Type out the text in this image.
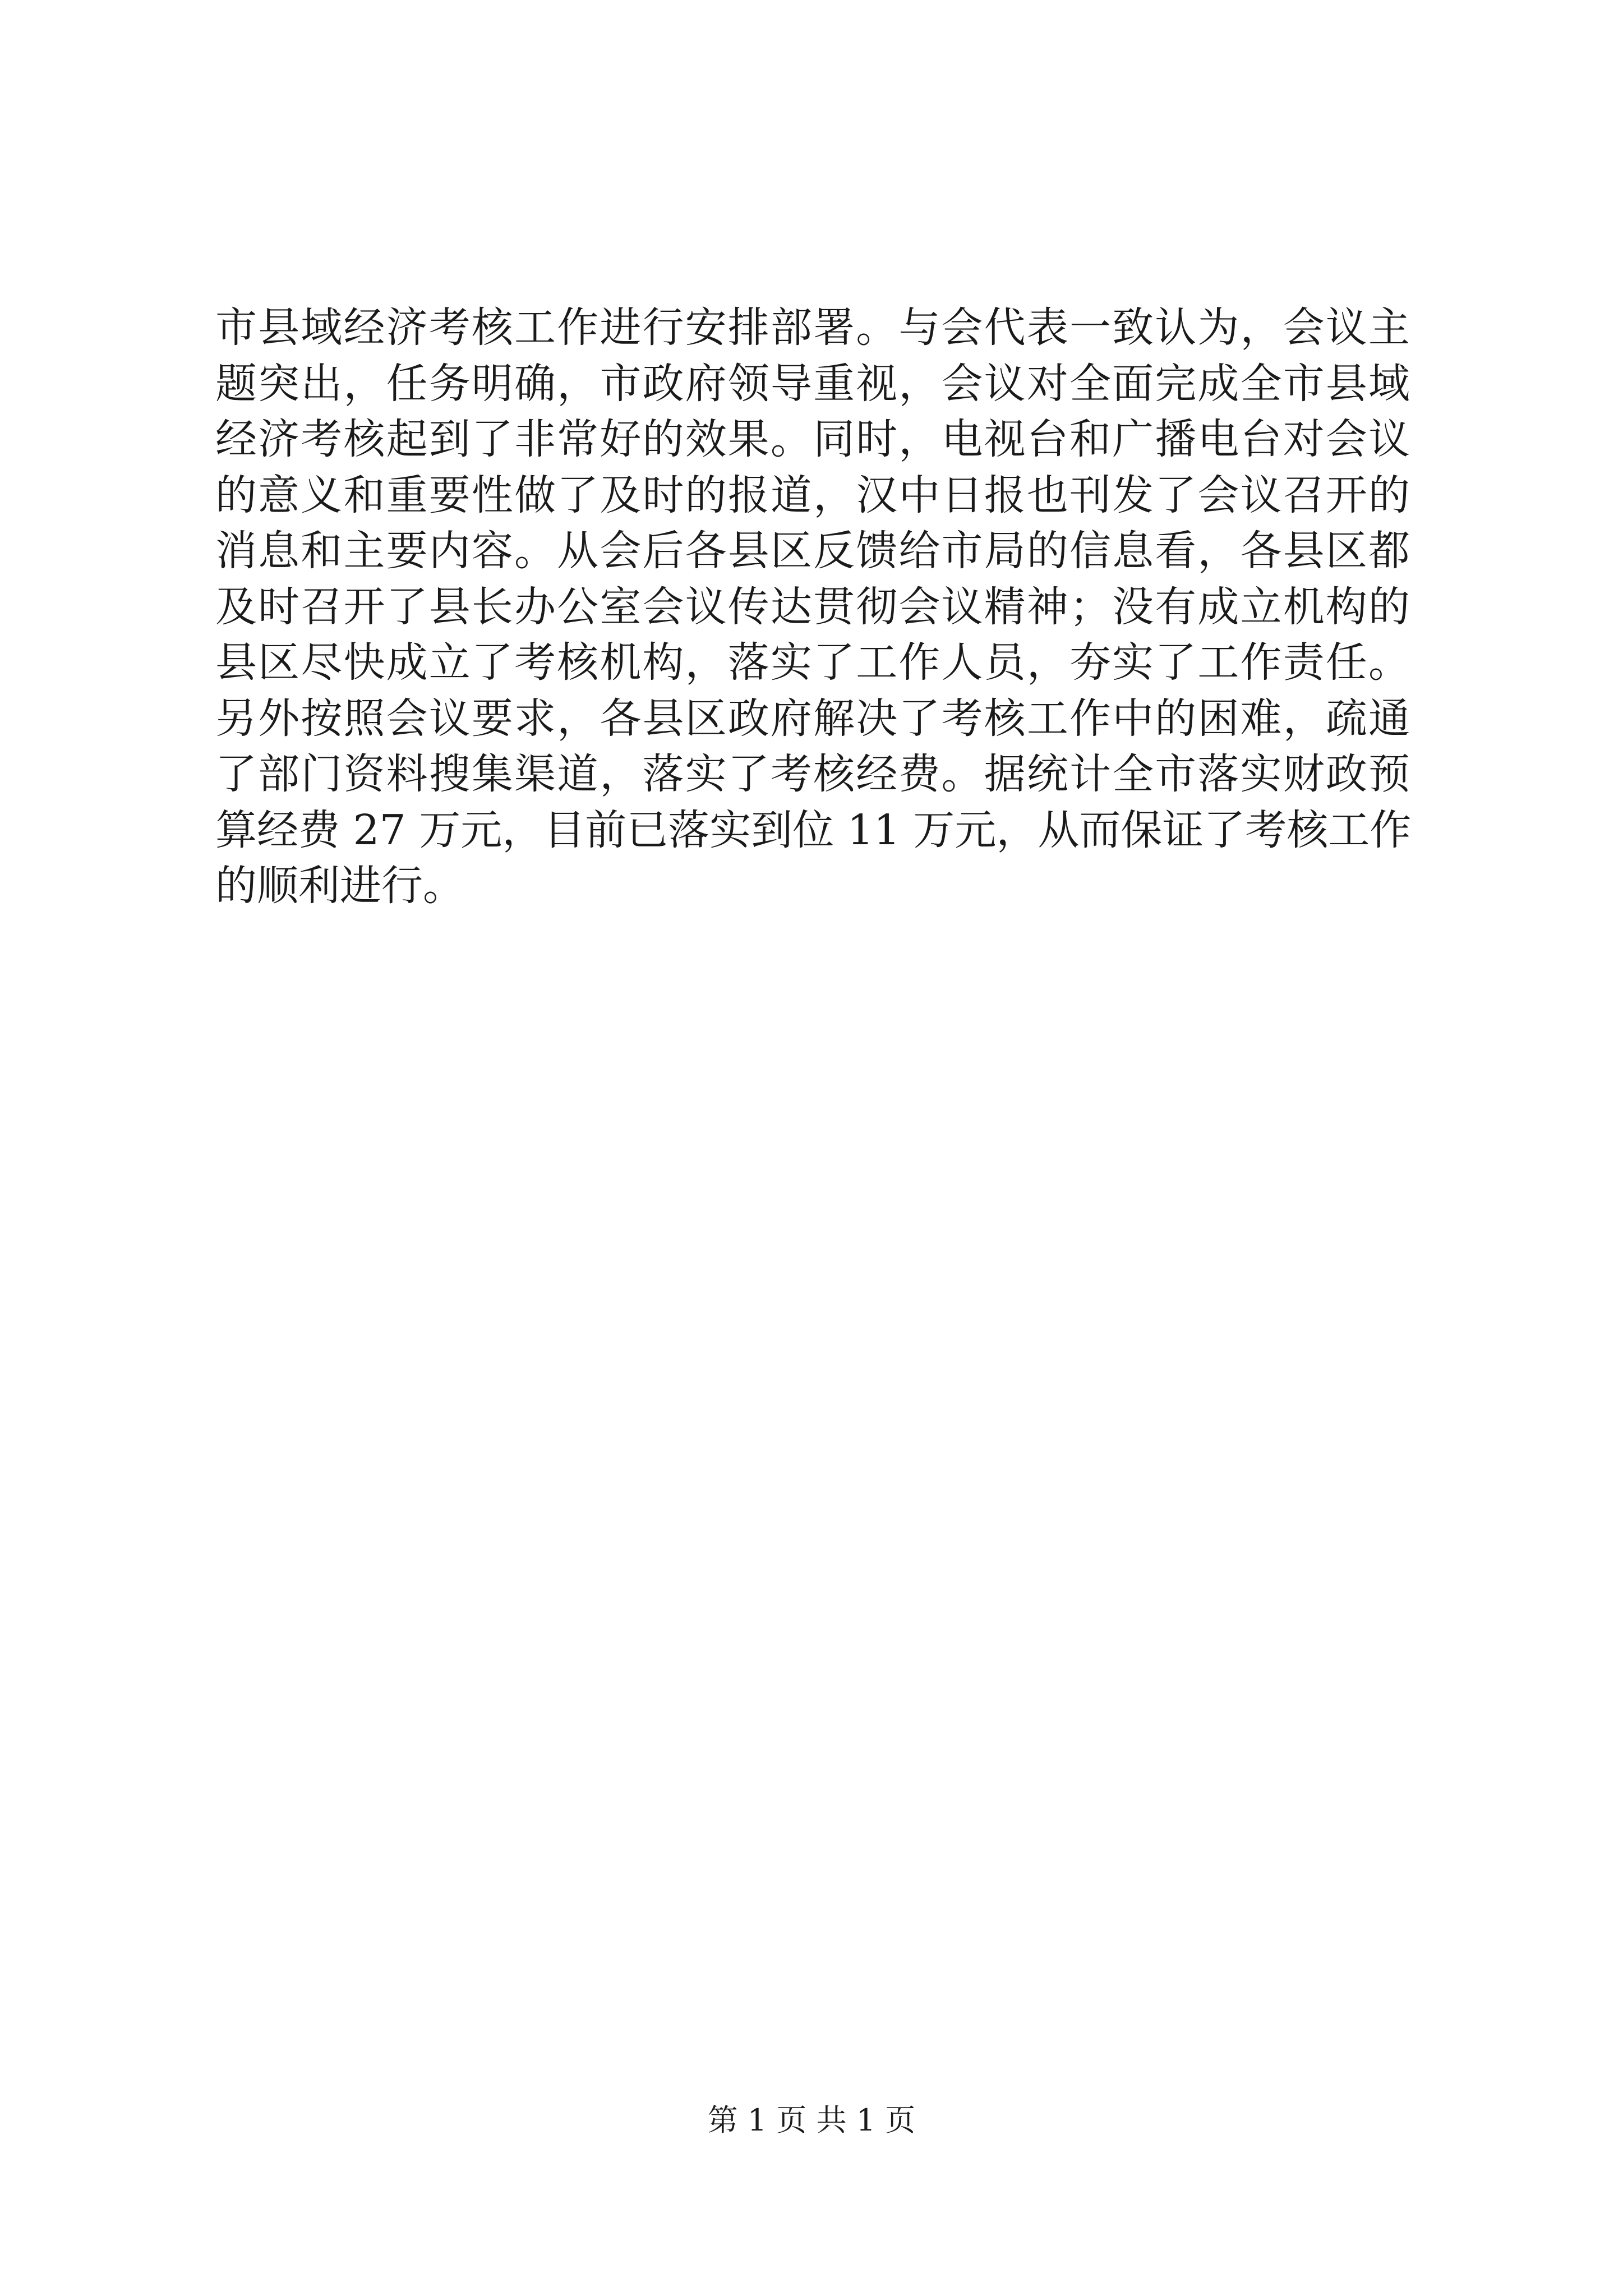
市县域经济考核工作进行安排部署。与会代表一致认为，会议主
题突出，任务明确，市政府领导重视，会议对全面完成全市县域
经济考核起到了非常好的效果。同时，电视台和广播电台对会议
的意义和重要性做了及时的报道，汉中日报也刊发了会议召开的
消息和主要内容。从会后各县区反馈给市局的信息看，各县区都
及时召开了县长办公室会议传达贯彻会议精神；没有成立机构的
县区尽快成立了考核机构，落实了工作人员，夯实了工作责任。
另外按照会议要求，各县区政府解决了考核工作中的困难，疏通
了部门资料搜集渠道，落实了考核经费。据统计全市落实财政预
算经费 27 万元，目前已落实到位 11 万元，从而保证了考核工作
的顺利进行。
第 1 页 共 1 页
